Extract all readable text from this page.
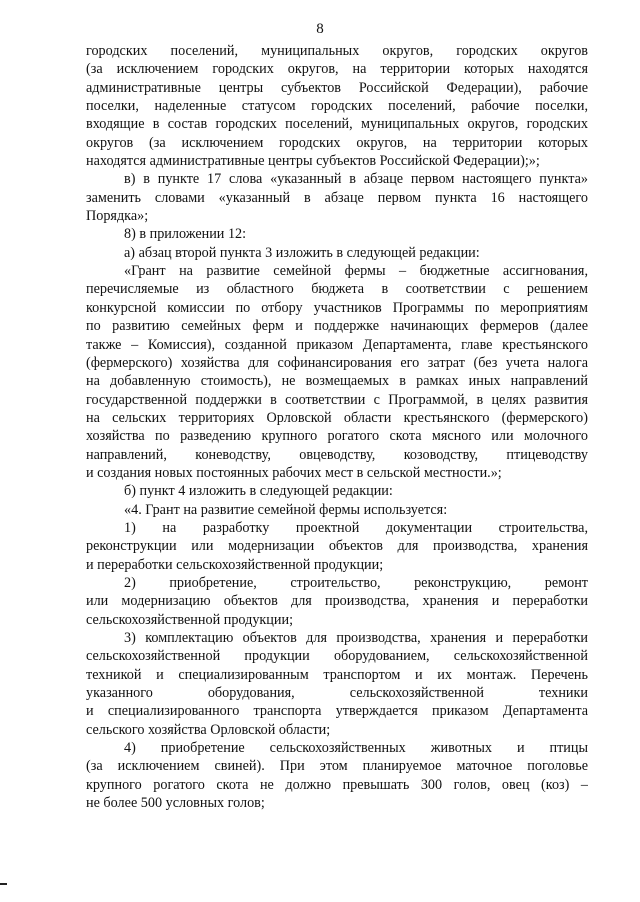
8
городских поселений, муниципальных округов, городских округов
(за исключением городских округов, на территории которых находятся
административные центры субъектов Российской Федерации), рабочие
поселки, наделенные статусом городских поселений, рабочие поселки,
входящие в состав городских поселений, муниципальных округов, городских
округов (за исключением городских округов, на территории которых
находятся административные центры субъектов Российской Федерации);»;
в) в пункте 17 слова «указанный в абзаце первом настоящего пункта»
заменить словами «указанный в абзаце первом пункта 16 настоящего
Порядка»;
8) в приложении 12:
а) абзац второй пункта 3 изложить в следующей редакции:
«Грант на развитие семейной фермы – бюджетные ассигнования,
перечисляемые из областного бюджета в соответствии с решением
конкурсной комиссии по отбору участников Программы по мероприятиям
по развитию семейных ферм и поддержке начинающих фермеров (далее
также – Комиссия), созданной приказом Департамента, главе крестьянского
(фермерского) хозяйства для софинансирования его затрат (без учета налога
на добавленную стоимость), не возмещаемых в рамках иных направлений
государственной поддержки в соответствии с Программой, в целях развития
на сельских территориях Орловской области крестьянского (фермерского)
хозяйства по разведению крупного рогатого скота мясного или молочного
направлений, коневодству, овцеводству, козоводству, птицеводству
и создания новых постоянных рабочих мест в сельской местности.»;
б) пункт 4 изложить в следующей редакции:
«4. Грант на развитие семейной фермы используется:
1) на разработку проектной документации строительства,
реконструкции или модернизации объектов для производства, хранения
и переработки сельскохозяйственной продукции;
2) приобретение, строительство, реконструкцию, ремонт
или модернизацию объектов для производства, хранения и переработки
сельскохозяйственной продукции;
3) комплектацию объектов для производства, хранения и переработки
сельскохозяйственной продукции оборудованием, сельскохозяйственной
техникой и специализированным транспортом и их монтаж. Перечень
указанного оборудования, сельскохозяйственной техники
и специализированного транспорта утверждается приказом Департамента
сельского хозяйства Орловской области;
4) приобретение сельскохозяйственных животных и птицы
(за исключением свиней). При этом планируемое маточное поголовье
крупного рогатого скота не должно превышать 300 голов, овец (коз) –
не более 500 условных голов;
